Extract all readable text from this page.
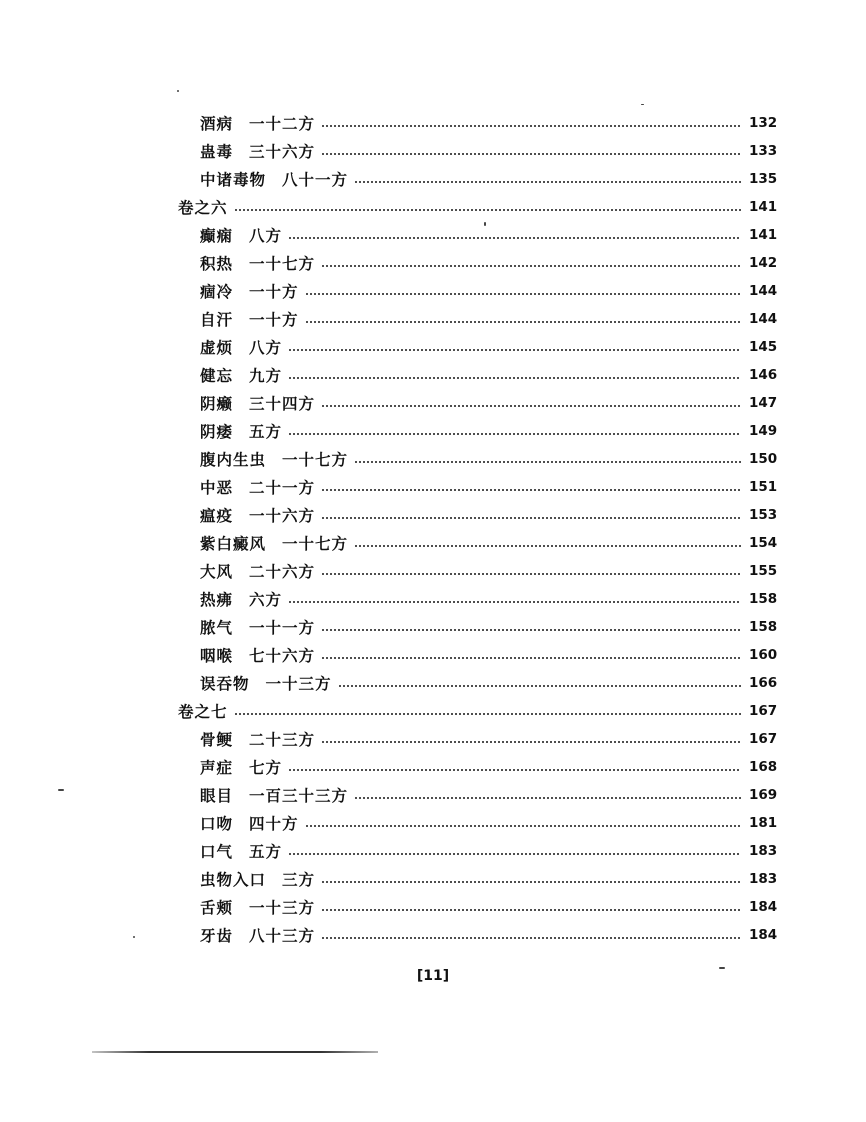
酒病 一十二方	132
蛊毒 三十六方	133
中诸毒物 八十一方	135
卷之六	141
癫痫 八方	141
积热 一十七方	142
痼冷 一十方	144
自汗 一十方	144
虚烦 八方	145
健忘 九方	146
阴癞 三十四方	147
阴痿 五方	149
腹内生虫 一十七方	150
中恶 二十一方	151
瘟疫 一十六方	153
紫白癜风 一十七方	154
大风 二十六方	155
热疿 六方	158
脓气 一十一方	158
咽喉 七十六方	160
误吞物 一十三方	166
卷之七	167
骨鲠 二十三方	167
声症 七方	168
眼目 一百三十三方	169
口吻 四十方	181
口气 五方	183
虫物入口 三方	183
舌颊 一十三方	184
牙齿 八十三方	184
[11]
